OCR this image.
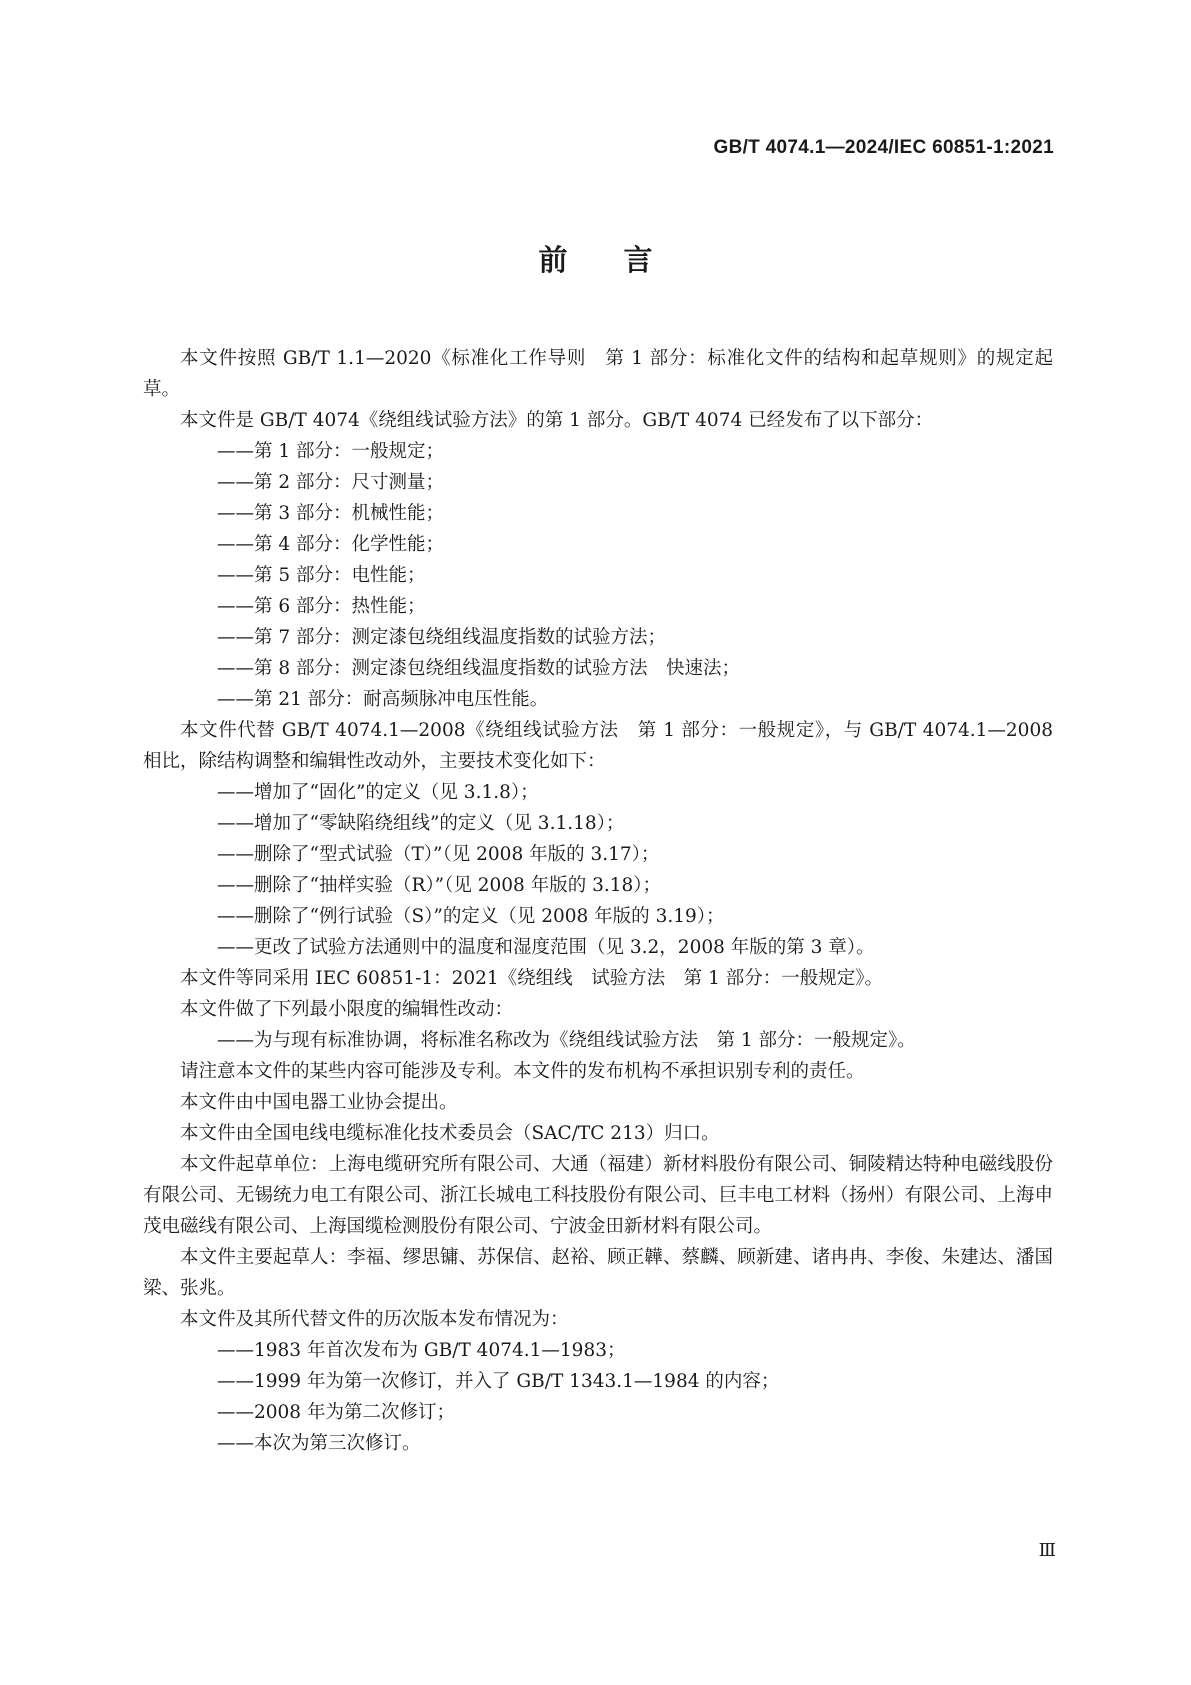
GB/T 4074.1—2024/IEC 60851-1:2021
前言

本文件按照 GB/T 1.1—2020《标准化工作导则　第 1 部分：标准化文件的结构和起草规则》的规定起草。

本文件是 GB/T 4074《绕组线试验方法》的第 1 部分。GB/T 4074 已经发布了以下部分：

——第 1 部分：一般规定；

——第 2 部分：尺寸测量；

——第 3 部分：机械性能；

——第 4 部分：化学性能；

——第 5 部分：电性能；

——第 6 部分：热性能；

——第 7 部分：测定漆包绕组线温度指数的试验方法；

——第 8 部分：测定漆包绕组线温度指数的试验方法　快速法；

——第 21 部分：耐高频脉冲电压性能。

本文件代替 GB/T 4074.1—2008《绕组线试验方法　第 1 部分：一般规定》，与 GB/T 4074.1—2008 相比，除结构调整和编辑性改动外，主要技术变化如下：

——增加了“固化”的定义（见 3.1.8）；

——增加了“零缺陷绕组线”的定义（见 3.1.18）；

——删除了“型式试验（T）”（见 2008 年版的 3.17）；

——删除了“抽样实验（R）”（见 2008 年版的 3.18）；

——删除了“例行试验（S）”的定义（见 2008 年版的 3.19）；

——更改了试验方法通则中的温度和湿度范围（见 3.2，2008 年版的第 3 章）。

本文件等同采用 IEC 60851-1：2021《绕组线　试验方法　第 1 部分：一般规定》。

本文件做了下列最小限度的编辑性改动：

——为与现有标准协调，将标准名称改为《绕组线试验方法　第 1 部分：一般规定》。

请注意本文件的某些内容可能涉及专利。本文件的发布机构不承担识别专利的责任。

本文件由中国电器工业协会提出。

本文件由全国电线电缆标准化技术委员会（SAC/TC 213）归口。

本文件起草单位：上海电缆研究所有限公司、大通（福建）新材料股份有限公司、铜陵精达特种电磁线股份有限公司、无锡统力电工有限公司、浙江长城电工科技股份有限公司、巨丰电工材料（扬州）有限公司、上海申茂电磁线有限公司、上海国缆检测股份有限公司、宁波金田新材料有限公司。

本文件主要起草人：李福、缪思镛、苏保信、赵裕、顾正韡、蔡麟、顾新建、诸冉冉、李俊、朱建达、潘国梁、张兆。

本文件及其所代替文件的历次版本发布情况为：

——1983 年首次发布为 GB/T 4074.1—1983；

——1999 年为第一次修订，并入了 GB/T 1343.1—1984 的内容；

——2008 年为第二次修订；

——本次为第三次修订。

Ⅲ
